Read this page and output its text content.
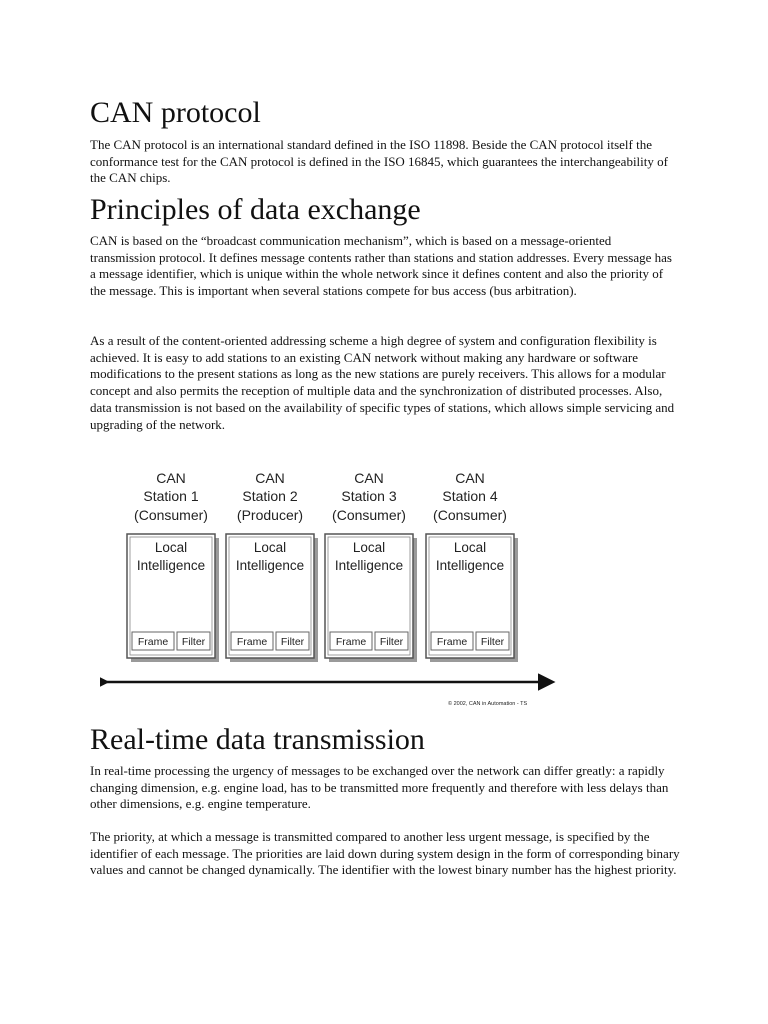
CAN protocol

The CAN protocol is an international standard defined in the ISO 11898. Beside the CAN protocol itself the conformance test for the CAN protocol is defined in the ISO 16845, which guarantees the interchangeability of the CAN chips.

Principles of data exchange

CAN is based on the “broadcast communication mechanism”, which is based on a message-oriented transmission protocol. It defines message contents rather than stations and station addresses. Every message has a message identifier, which is unique within the whole network since it defines content and also the priority of the message. This is important when several stations compete for bus access (bus arbitration).

As a result of the content-oriented addressing scheme a high degree of system and configuration flexibility is achieved. It is easy to add stations to an existing CAN network without making any hardware or software modifications to the present stations as long as the new stations are purely receivers. This allows for a modular concept and also permits the reception of multiple data and the synchronization of distributed processes. Also, data transmission is not based on the availability of specific types of stations, which allows simple servicing and upgrading of the network.

Real-time data transmission

In real-time processing the urgency of messages to be exchanged over the network can differ greatly: a rapidly changing dimension, e.g. engine load, has to be transmitted more frequently and therefore with less delays than other dimensions, e.g. engine temperature.

The priority, at which a message is transmitted compared to another less urgent message, is specified by the identifier of each message. The priorities are laid down during system design in the form of corresponding binary values and cannot be changed dynamically. The identifier with the lowest binary number has the highest priority.

CAN
Station 1
(Consumer)
Local
Intelligence
Frame Filter
CAN
Station 2
(Producer)
Local
Intelligence
Frame Filter
CAN
Station 3
(Consumer)
Local
Intelligence
Frame Filter
CAN
Station 4
(Consumer)
Local
Intelligence
Frame Filter
© 2002, CAN in Automation - TS
